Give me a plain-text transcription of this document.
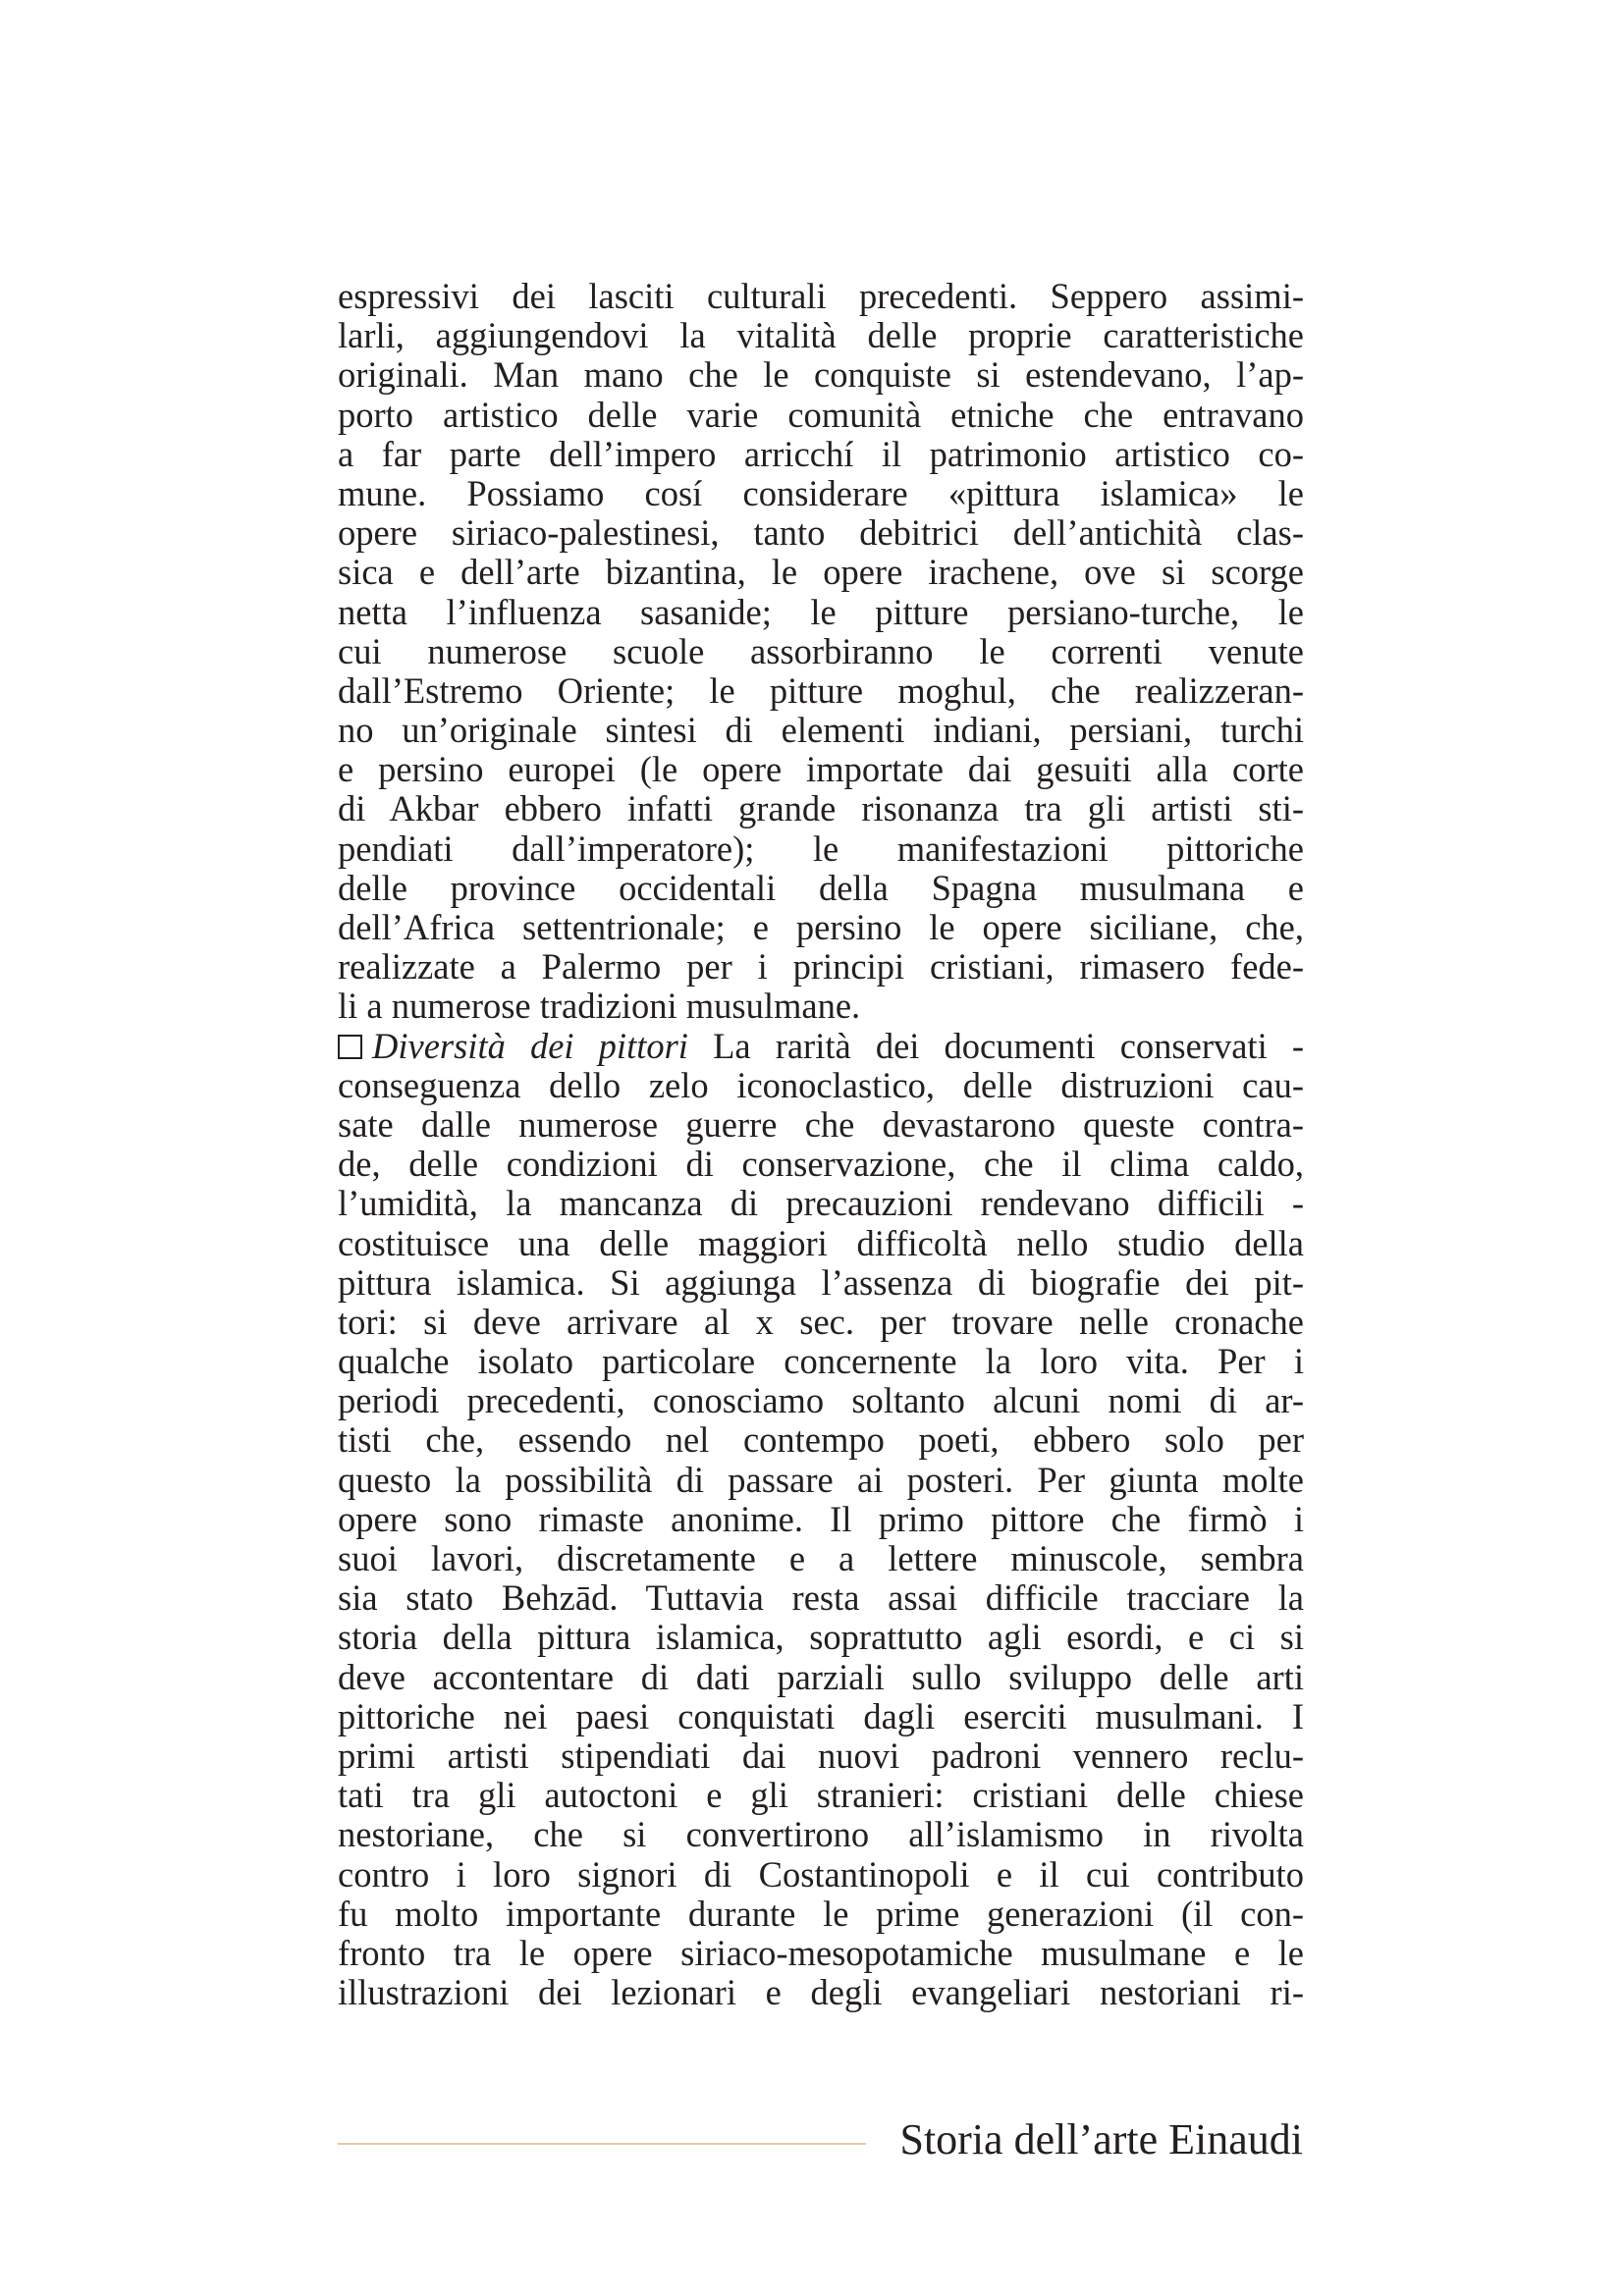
espressivi dei lasciti culturali precedenti. Seppero assimi-
larli, aggiungendovi la vitalità delle proprie caratteristiche
originali. Man mano che le conquiste si estendevano, l’ap-
porto artistico delle varie comunità etniche che entravano
a far parte dell’impero arricchí il patrimonio artistico co-
mune. Possiamo cosí considerare «pittura islamica» le
opere siriaco-palestinesi, tanto debitrici dell’antichità clas-
sica e dell’arte bizantina, le opere irachene, ove si scorge
netta l’influenza sasanide; le pitture persiano-turche, le
cui numerose scuole assorbiranno le correnti venute
dall’Estremo Oriente; le pitture moghul, che realizzeran-
no un’originale sintesi di elementi indiani, persiani, turchi
e persino europei (le opere importate dai gesuiti alla corte
di Akbar ebbero infatti grande risonanza tra gli artisti sti-
pendiati dall’imperatore); le manifestazioni pittoriche
delle province occidentali della Spagna musulmana e
dell’Africa settentrionale; e persino le opere siciliane, che,
realizzate a Palermo per i principi cristiani, rimasero fede-
li a numerose tradizioni musulmane.
Diversità dei pittori La rarità dei documenti conservati -
conseguenza dello zelo iconoclastico, delle distruzioni cau-
sate dalle numerose guerre che devastarono queste contra-
de, delle condizioni di conservazione, che il clima caldo,
l’umidità, la mancanza di precauzioni rendevano difficili -
costituisce una delle maggiori difficoltà nello studio della
pittura islamica. Si aggiunga l’assenza di biografie dei pit-
tori: si deve arrivare al x sec. per trovare nelle cronache
qualche isolato particolare concernente la loro vita. Per i
periodi precedenti, conosciamo soltanto alcuni nomi di ar-
tisti che, essendo nel contempo poeti, ebbero solo per
questo la possibilità di passare ai posteri. Per giunta molte
opere sono rimaste anonime. Il primo pittore che firmò i
suoi lavori, discretamente e a lettere minuscole, sembra
sia stato Behzād. Tuttavia resta assai difficile tracciare la
storia della pittura islamica, soprattutto agli esordi, e ci si
deve accontentare di dati parziali sullo sviluppo delle arti
pittoriche nei paesi conquistati dagli eserciti musulmani. I
primi artisti stipendiati dai nuovi padroni vennero reclu-
tati tra gli autoctoni e gli stranieri: cristiani delle chiese
nestoriane, che si convertirono all’islamismo in rivolta
contro i loro signori di Costantinopoli e il cui contributo
fu molto importante durante le prime generazioni (il con-
fronto tra le opere siriaco-mesopotamiche musulmane e le
illustrazioni dei lezionari e degli evangeliari nestoriani ri-
Storia dell’arte Einaudi
